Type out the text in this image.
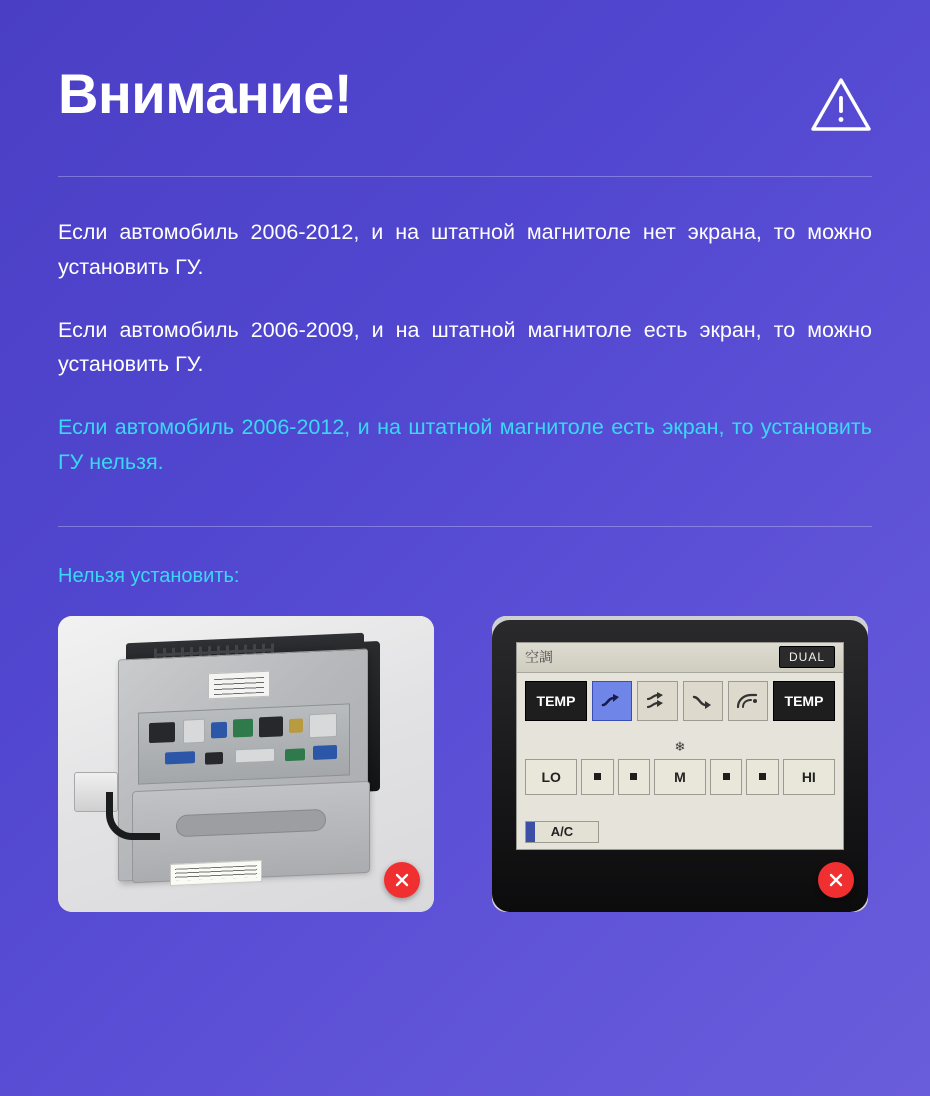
Внимание!

Если автомобиль 2006-2012, и на штатной магнитоле нет экрана, то можно установить ГУ.

Если автомобиль 2006-2009, и на штатной магнитоле есть экран, то можно установить ГУ.

Если автомобиль 2006-2012, и на штатной магнитоле есть экран, то установить ГУ нельзя.

Нельзя установить:
空調	DUAL
TEMP	TEMP
❄
LO	M	HI
A/C
